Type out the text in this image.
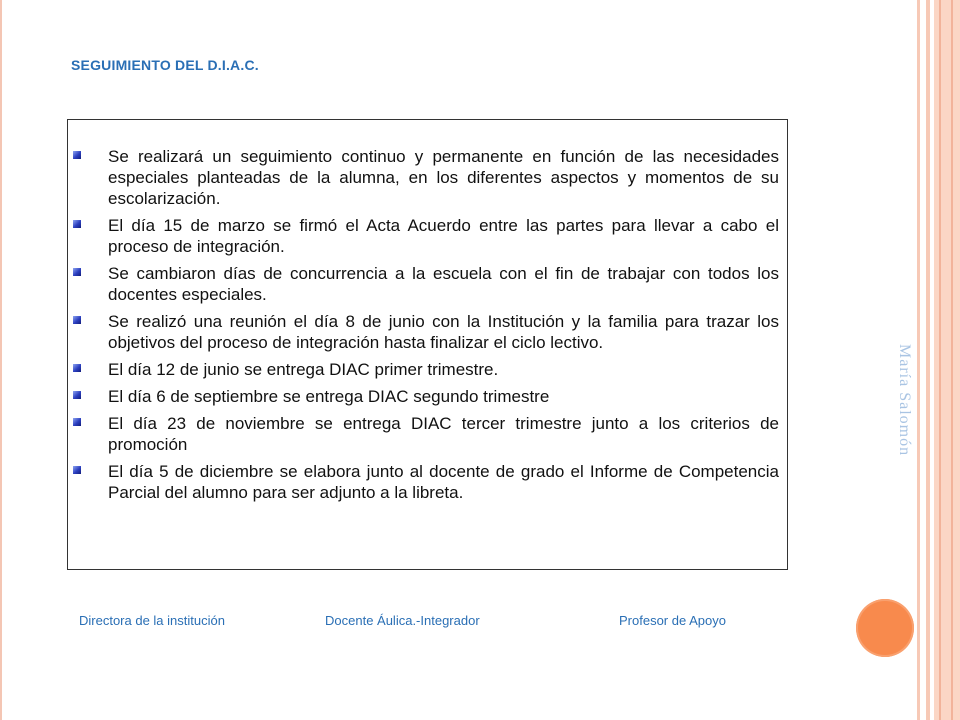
SEGUIMIENTO DEL D.I.A.C.
Se realizará un seguimiento continuo y permanente en función de las necesidades especiales planteadas de la alumna, en los diferentes aspectos y momentos de su escolarización.
El día 15 de marzo se firmó el Acta Acuerdo entre las partes para llevar a cabo el proceso de integración.
Se cambiaron días de concurrencia a la escuela con el fin de trabajar con todos los docentes especiales.
Se realizó una reunión el día 8 de junio con la Institución y la familia para trazar los objetivos del proceso de integración hasta finalizar el ciclo lectivo.
El día 12 de junio se entrega DIAC primer trimestre.
El día 6 de septiembre se entrega DIAC segundo trimestre
El día 23 de noviembre se entrega DIAC tercer trimestre junto a los criterios de promoción
El día 5 de diciembre se elabora junto al docente de grado el Informe de Competencia Parcial del alumno para ser adjunto a la libreta.
Directora de la institución	Docente Áulica.-Integrador	Profesor de Apoyo
María Salomón
